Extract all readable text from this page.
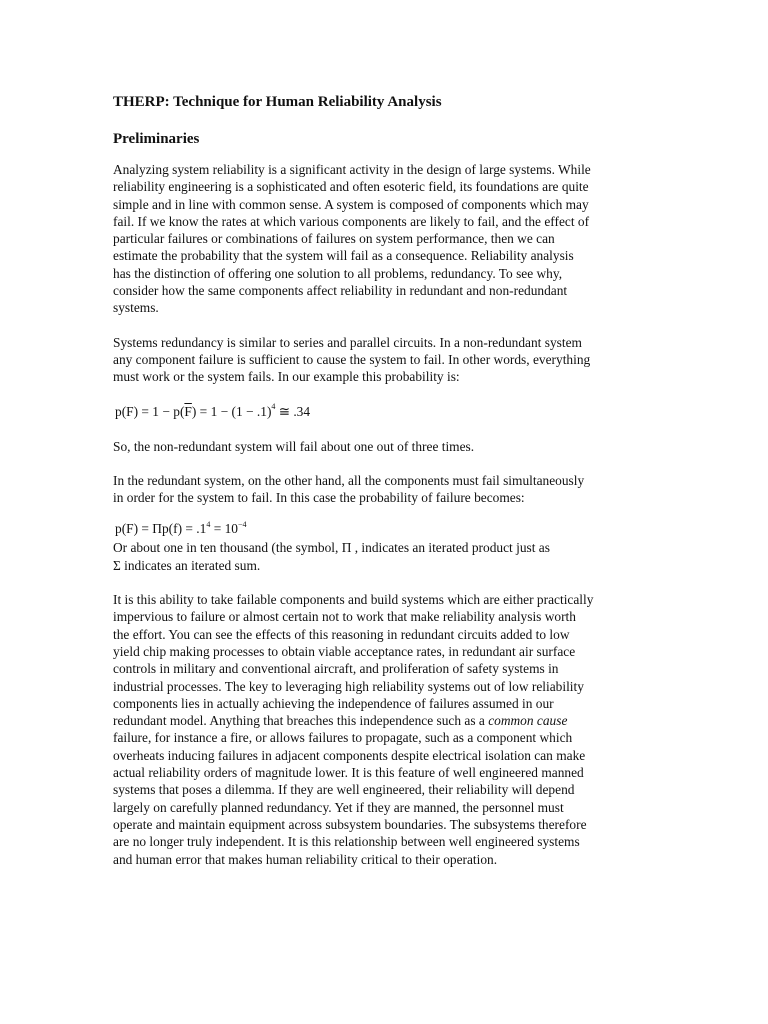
THERP: Technique for Human Reliability Analysis
Preliminaries
Analyzing system reliability is a significant activity in the design of large systems. While
reliability engineering is a sophisticated and often esoteric field, its foundations are quite
simple and in line with common sense. A system is composed of components which may
fail. If we know the rates at which various components are likely to fail, and the effect of
particular failures or combinations of failures on system performance, then we can
estimate the probability that the system will fail as a consequence. Reliability analysis
has the distinction of offering one solution to all problems, redundancy. To see why,
consider how the same components affect reliability in redundant and non-redundant
systems.
Systems redundancy is similar to series and parallel circuits. In a non-redundant system
any component failure is sufficient to cause the system to fail. In other words, everything
must work or the system fails. In our example this probability is:
$p(F) = 1 - p(\overline{F}) = 1 - (1 - .1)^4$ ≅ .34
So, the non-redundant system will fail about one out of three times.
In the redundant system, on the other hand, all the components must fail simultaneously
in order for the system to fail. In this case the probability of failure becomes:
$p(F) = \Pi p(f) = .1^4 = 10^{-4}$
Or about one in ten thousand (the symbol, Π , indicates an iterated product just as
Σ indicates an iterated sum.
It is this ability to take failable components and build systems which are either practically
impervious to failure or almost certain not to work that make reliability analysis worth
the effort. You can see the effects of this reasoning in redundant circuits added to low
yield chip making processes to obtain viable acceptance rates, in redundant air surface
controls in military and conventional aircraft, and proliferation of safety systems in
industrial processes. The key to leveraging high reliability systems out of low reliability
components lies in actually achieving the independence of failures assumed in our
redundant model. Anything that breaches this independence such as a common cause
failure, for instance a fire, or allows failures to propagate, such as a component which
overheats inducing failures in adjacent components despite electrical isolation can make
actual reliability orders of magnitude lower. It is this feature of well engineered manned
systems that poses a dilemma. If they are well engineered, their reliability will depend
largely on carefully planned redundancy. Yet if they are manned, the personnel must
operate and maintain equipment across subsystem boundaries. The subsystems therefore
are no longer truly independent. It is this relationship between well engineered systems
and human error that makes human reliability critical to their operation.
